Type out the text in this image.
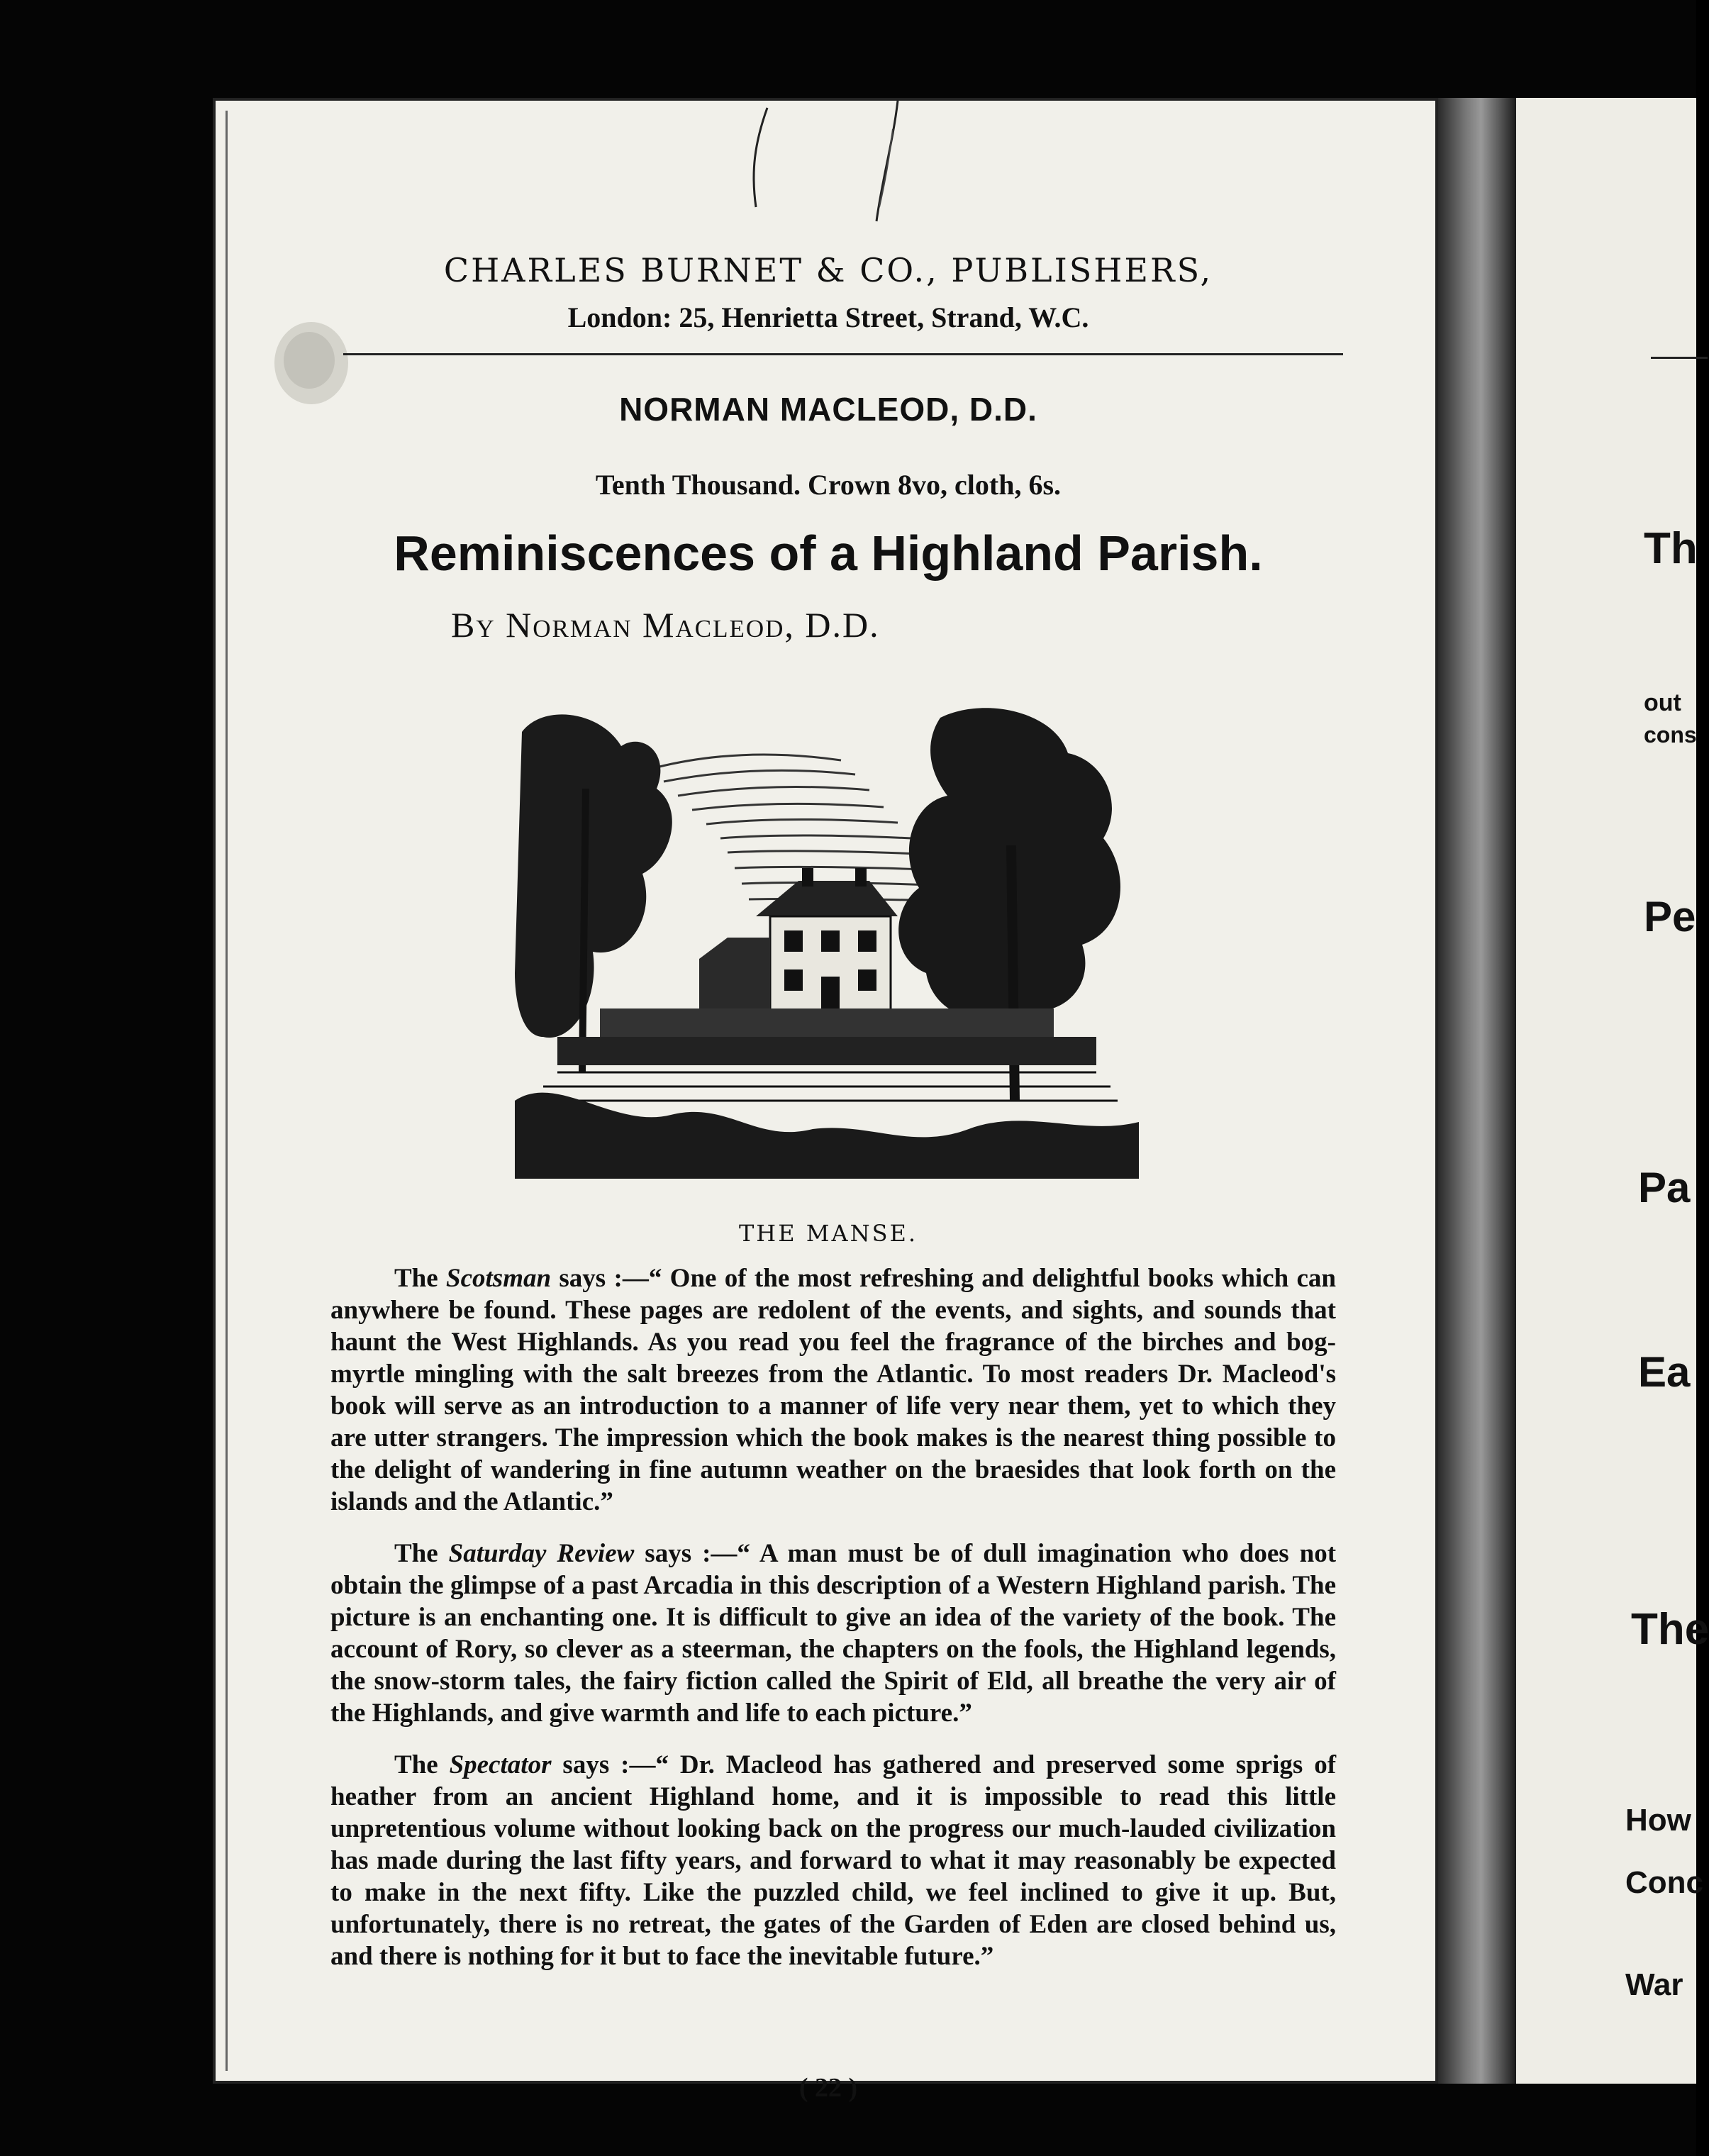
CHARLES BURNET & CO., PUBLISHERS,
London: 25, Henrietta Street, Strand, W.C.
NORMAN MACLEOD, D.D.
Tenth Thousand. Crown 8vo, cloth, 6s.
Reminiscences of a Highland Parish.
By Norman Macleod, D.D.
THE MANSE.

The Scotsman says :—“ One of the most refreshing and delightful books which can anywhere be found. These pages are redolent of the events, and sights, and sounds that haunt the West Highlands. As you read you feel the fragrance of the birches and bog-myrtle mingling with the salt breezes from the Atlantic. To most readers Dr. Macleod's book will serve as an introduction to a manner of life very near them, yet to which they are utter strangers. The impression which the book makes is the nearest thing possible to the delight of wandering in fine autumn weather on the braesides that look forth on the islands and the Atlantic.”

The Saturday Review says :—“ A man must be of dull imagination who does not obtain the glimpse of a past Arcadia in this description of a Western Highland parish. The picture is an enchanting one. It is difficult to give an idea of the variety of the book. The account of Rory, so clever as a steerman, the chapters on the fools, the Highland legends, the snow-storm tales, the fairy fiction called the Spirit of Eld, all breathe the very air of the Highlands, and give warmth and life to each picture.”

The Spectator says :—“ Dr. Macleod has gathered and preserved some sprigs of heather from an ancient Highland home, and it is impossible to read this little unpretentious volume without looking back on the progress our much-lauded civilization has made during the last fifty years, and forward to what it may reasonably be expected to make in the next fifty. Like the puzzled child, we feel inclined to give it up. But, unfortunately, there is no retreat, the gates of the Garden of Eden are closed behind us, and there is nothing for it but to face the inevitable future.”

( 22 )
Th
out
cons
Pe
Pa
Ea
The
How
Conc
War
